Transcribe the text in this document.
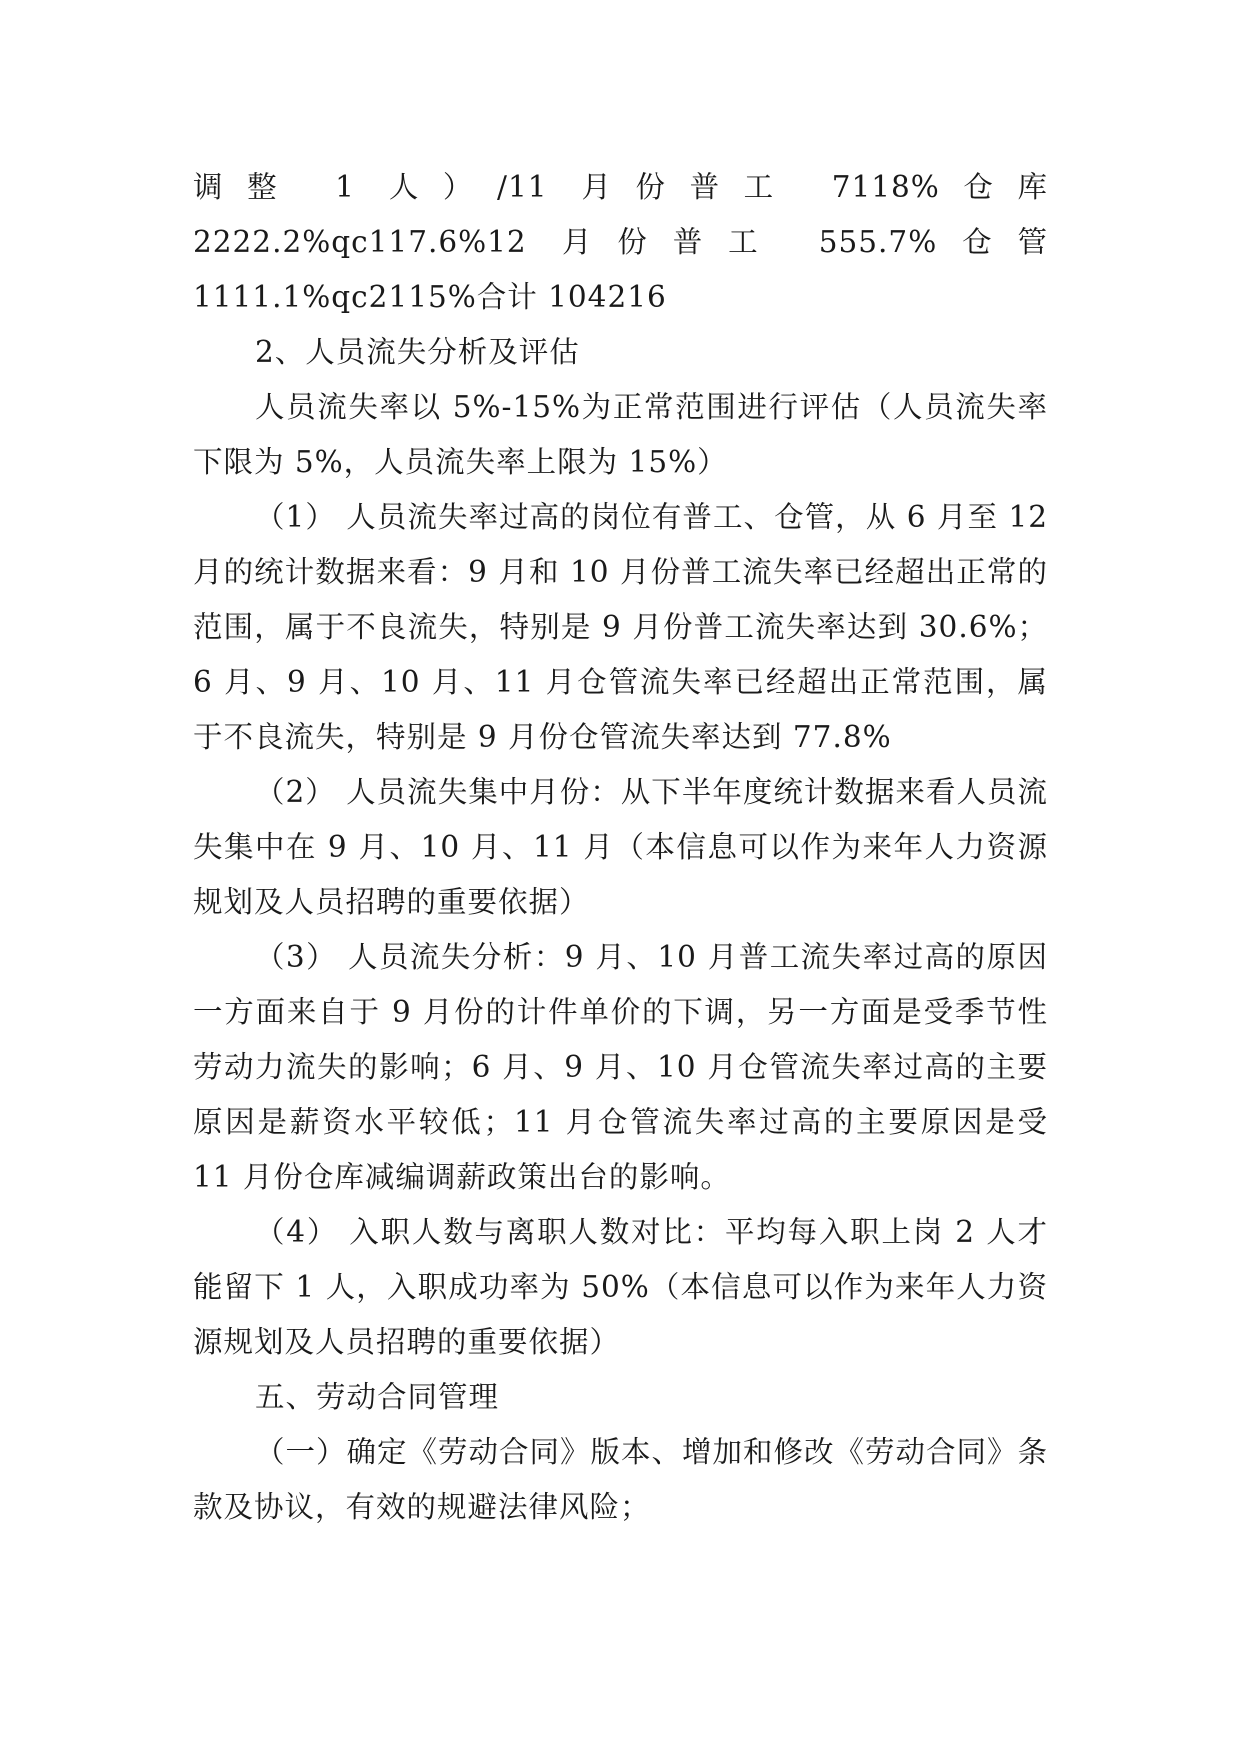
调整 1 人）/11 月份普工 7118%仓库 2222.2%qc117.6%12 月份普工 555.7%仓管 1111.1%qc2115%合计 104216

2、人员流失分析及评估

人员流失率以 5%-15%为正常范围进行评估（人员流失率下限为 5%，人员流失率上限为 15%）

（1） 人员流失率过高的岗位有普工、仓管，从 6 月至 12 月的统计数据来看：9 月和 10 月份普工流失率已经超出正常的范围，属于不良流失，特别是 9 月份普工流失率达到 30.6%；6 月、9 月、10 月、11 月仓管流失率已经超出正常范围，属于不良流失，特别是 9 月份仓管流失率达到 77.8%

（2） 人员流失集中月份：从下半年度统计数据来看人员流失集中在 9 月、10 月、11 月（本信息可以作为来年人力资源规划及人员招聘的重要依据）

（3） 人员流失分析：9 月、10 月普工流失率过高的原因一方面来自于 9 月份的计件单价的下调，另一方面是受季节性劳动力流失的影响；6 月、9 月、10 月仓管流失率过高的主要原因是薪资水平较低；11 月仓管流失率过高的主要原因是受 11 月份仓库减编调薪政策出台的影响。

（4） 入职人数与离职人数对比：平均每入职上岗 2 人才能留下 1 人，入职成功率为 50%（本信息可以作为来年人力资源规划及人员招聘的重要依据）

五、劳动合同管理

（一）确定《劳动合同》版本、增加和修改《劳动合同》条款及协议，有效的规避法律风险；
